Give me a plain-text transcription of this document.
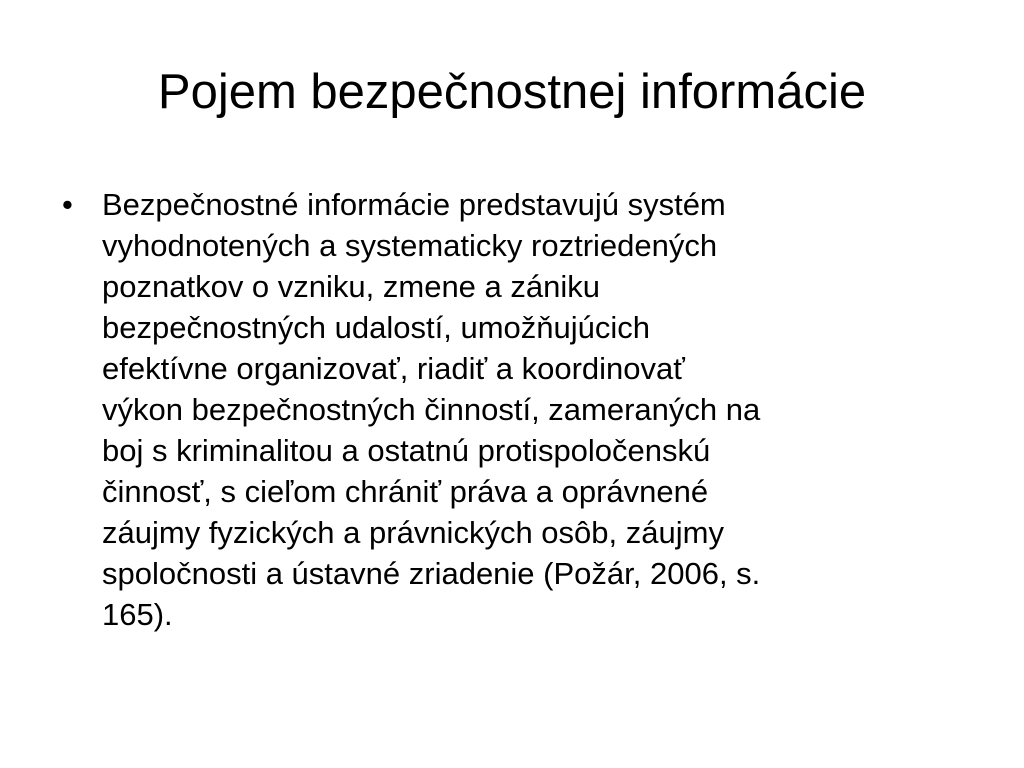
Pojem bezpečnostnej informácie
• Bezpečnostné informácie predstavujú systém
vyhodnotených a systematicky roztriedených
poznatkov o vzniku, zmene a zániku
bezpečnostných udalostí, umožňujúcich
efektívne organizovať, riadiť a koordinovať
výkon bezpečnostných činností, zameraných na
boj s kriminalitou a ostatnú protispoločenskú
činnosť, s cieľom chrániť práva a oprávnené
záujmy fyzických a právnických osôb, záujmy
spoločnosti a ústavné zriadenie (Požár, 2006, s.
165).
